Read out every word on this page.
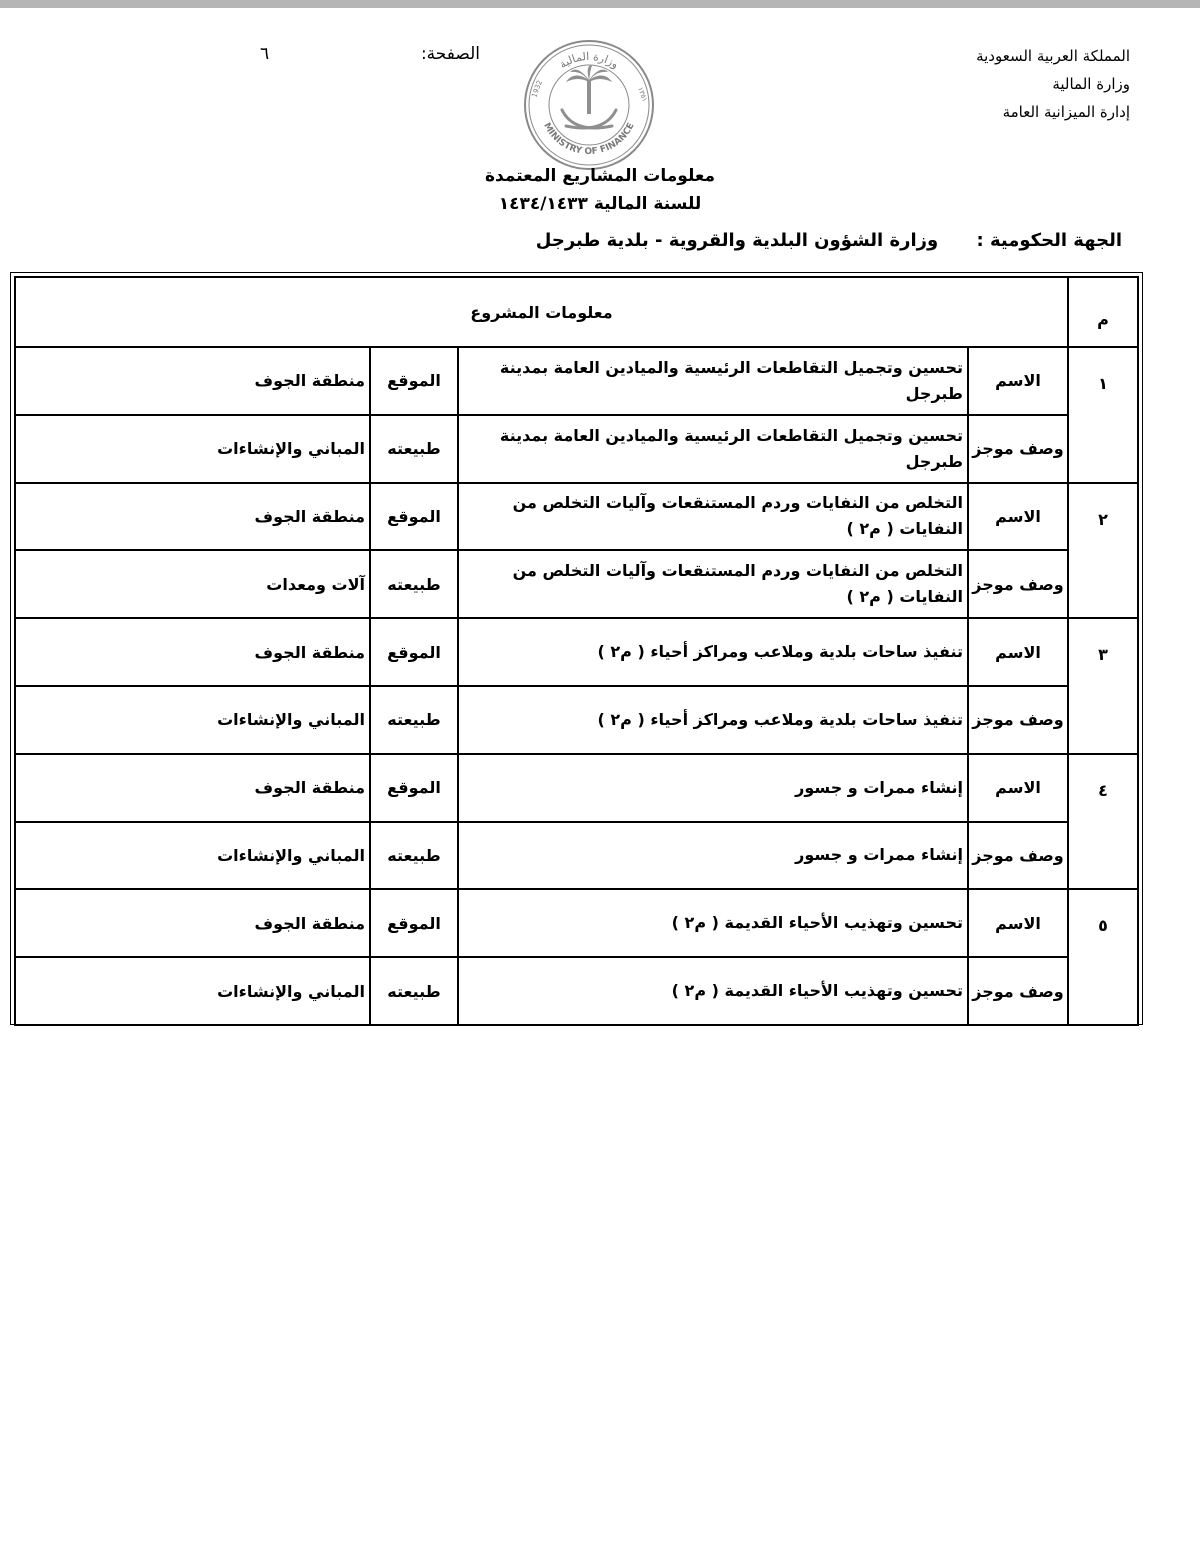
المملكة العربية السعودية
وزارة المالية
إدارة الميزانية العامة
الصفحة:
٦
وزارة المالية
MINISTRY OF FINANCE
1932	١٣٥١
معلومات المشاريع المعتمدة
للسنة المالية ١٤٣٤/١٤٣٣
الجهة الحكومية : وزارة الشؤون البلدية والقروية - بلدية طبرجل
م	معلومات المشروع			
١	الاسم	تحسين وتجميل التقاطعات الرئيسية والميادين العامة بمدينة طبرجل	الموقع	منطقة الجوف
	وصف موجز	تحسين وتجميل التقاطعات الرئيسية والميادين العامة بمدينة طبرجل	طبيعته	المباني والإنشاءات
٢	الاسم	التخلص من النفايات وردم المستنقعات وآليات التخلص من النفايات ( م٢ )	الموقع	منطقة الجوف
	وصف موجز	التخلص من النفايات وردم المستنقعات وآليات التخلص من النفايات ( م٢ )	طبيعته	آلات ومعدات
٣	الاسم	تنفيذ ساحات بلدية وملاعب ومراكز أحياء ( م٢ )	الموقع	منطقة الجوف
	وصف موجز	تنفيذ ساحات بلدية وملاعب ومراكز أحياء ( م٢ )	طبيعته	المباني والإنشاءات
٤	الاسم	إنشاء ممرات و جسور	الموقع	منطقة الجوف
	وصف موجز	إنشاء ممرات و جسور	طبيعته	المباني والإنشاءات
٥	الاسم	تحسين وتهذيب الأحياء القديمة ( م٢ )	الموقع	منطقة الجوف
	وصف موجز	تحسين وتهذيب الأحياء القديمة ( م٢ )	طبيعته	المباني والإنشاءات
